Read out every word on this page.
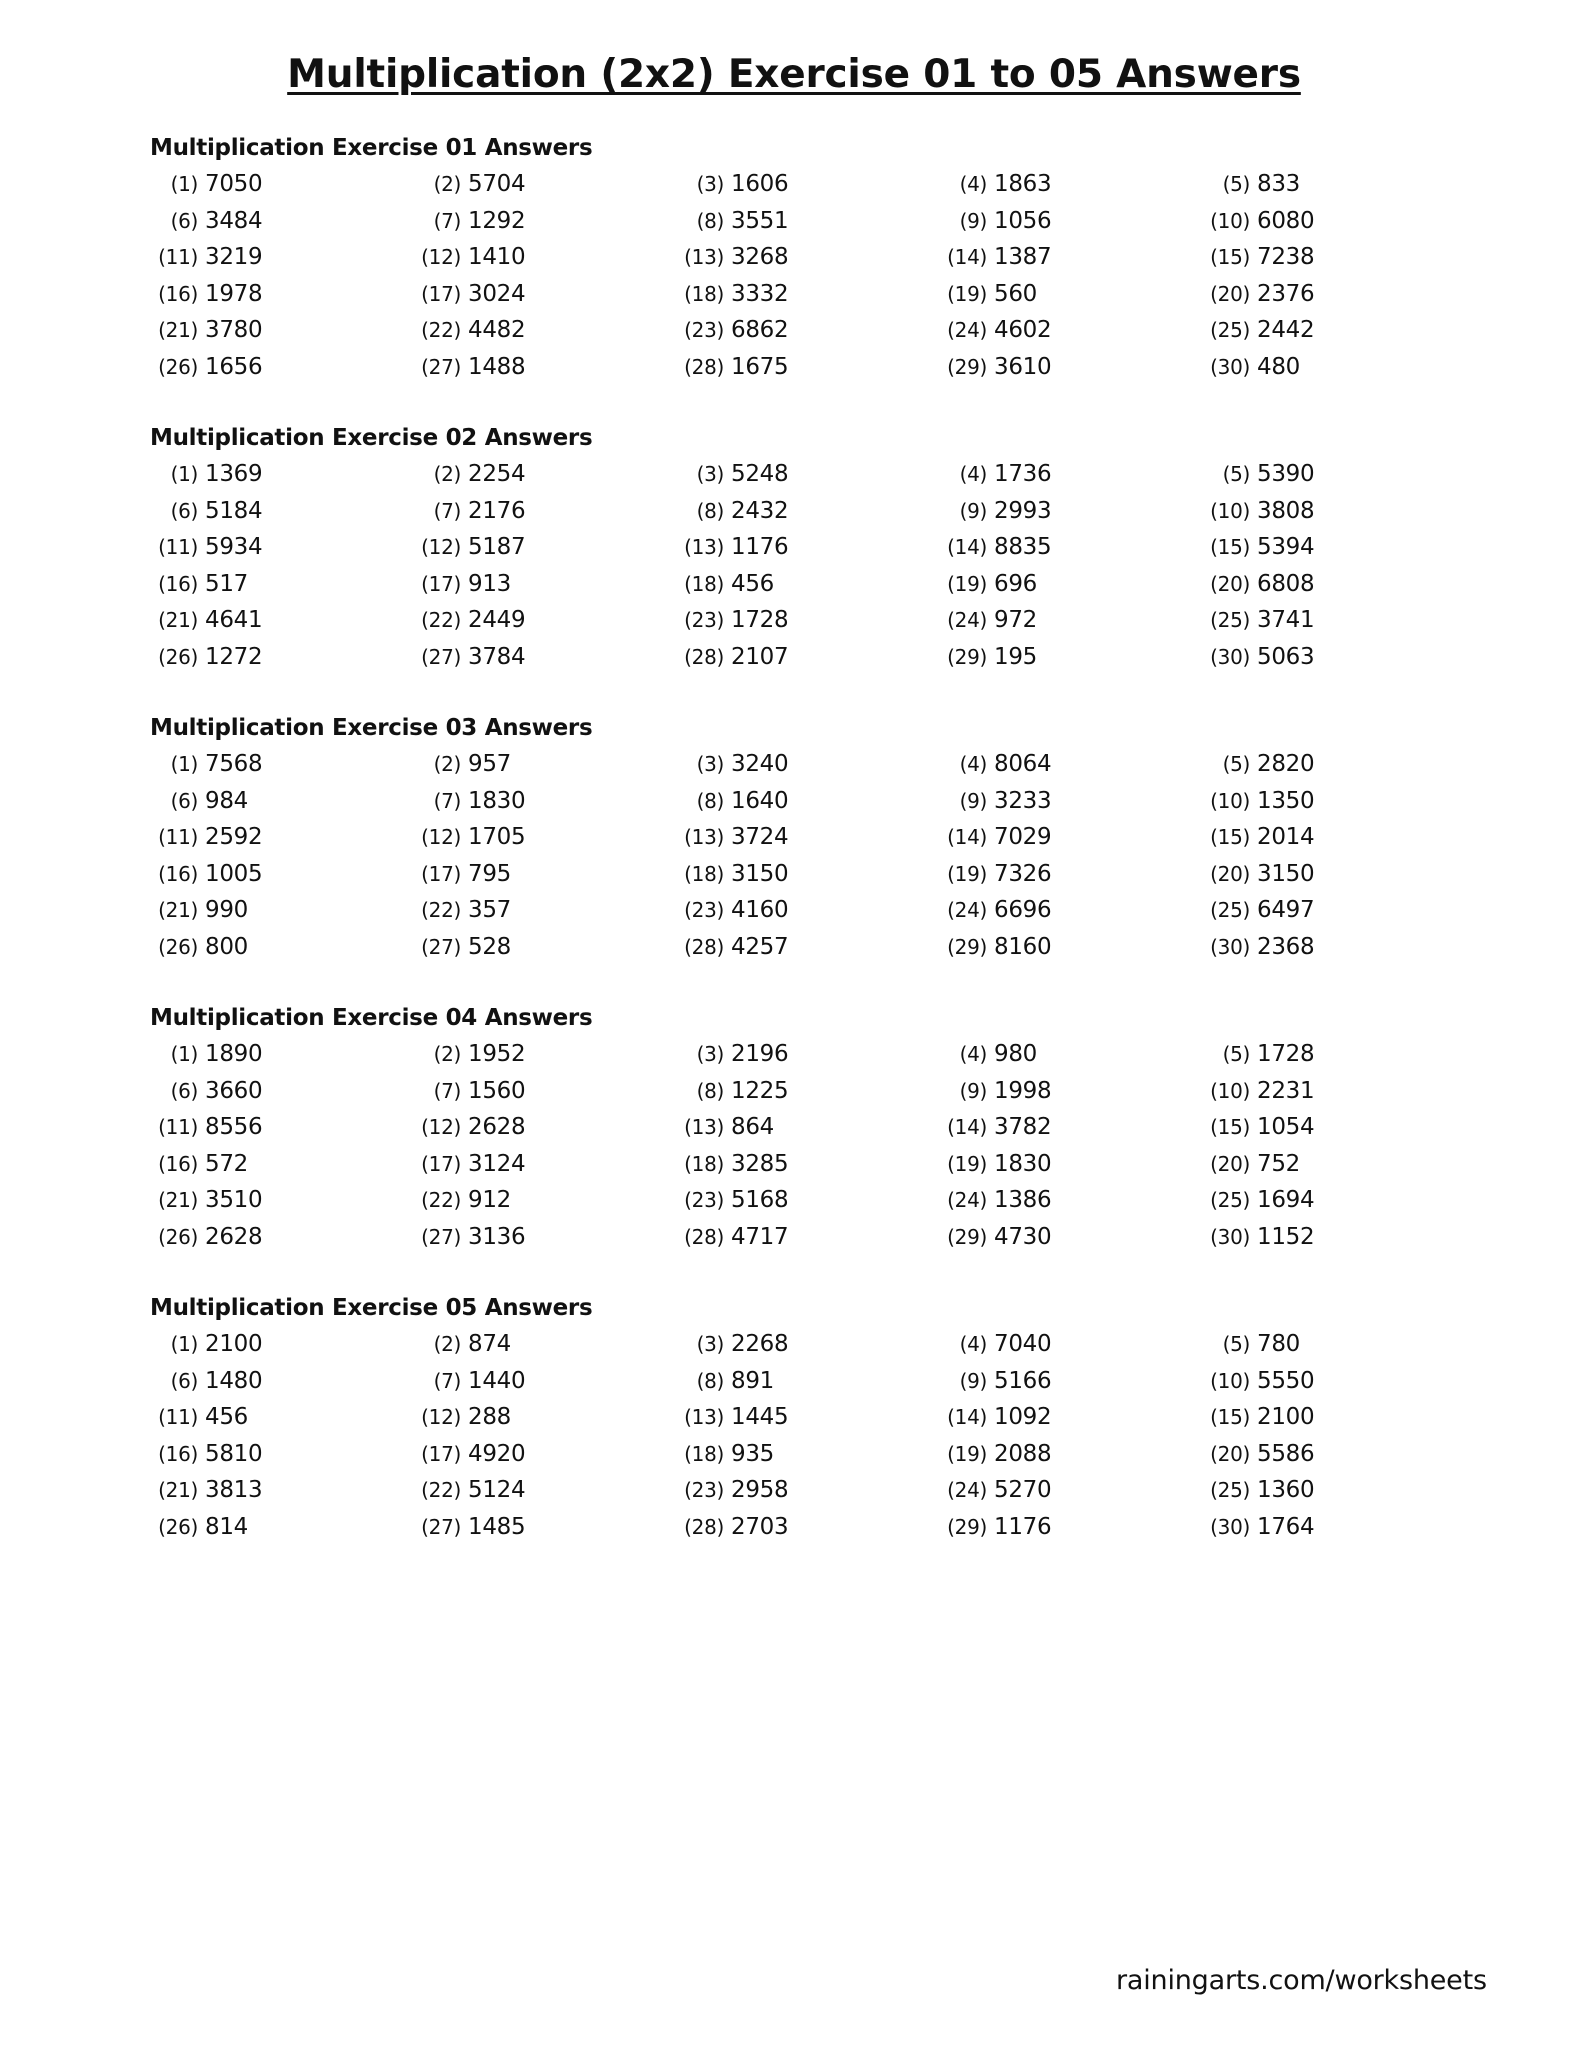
Multiplication (2x2) Exercise 01 to 05 Answers
Multiplication Exercise 01 Answers
(1) 7050	(2) 5704	(3) 1606	(4) 1863	(5) 833
(6) 3484	(7) 1292	(8) 3551	(9) 1056	(10) 6080
(11) 3219	(12) 1410	(13) 3268	(14) 1387	(15) 7238
(16) 1978	(17) 3024	(18) 3332	(19) 560	(20) 2376
(21) 3780	(22) 4482	(23) 6862	(24) 4602	(25) 2442
(26) 1656	(27) 1488	(28) 1675	(29) 3610	(30) 480
Multiplication Exercise 02 Answers
(1) 1369	(2) 2254	(3) 5248	(4) 1736	(5) 5390
(6) 5184	(7) 2176	(8) 2432	(9) 2993	(10) 3808
(11) 5934	(12) 5187	(13) 1176	(14) 8835	(15) 5394
(16) 517	(17) 913	(18) 456	(19) 696	(20) 6808
(21) 4641	(22) 2449	(23) 1728	(24) 972	(25) 3741
(26) 1272	(27) 3784	(28) 2107	(29) 195	(30) 5063
Multiplication Exercise 03 Answers
(1) 7568	(2) 957	(3) 3240	(4) 8064	(5) 2820
(6) 984	(7) 1830	(8) 1640	(9) 3233	(10) 1350
(11) 2592	(12) 1705	(13) 3724	(14) 7029	(15) 2014
(16) 1005	(17) 795	(18) 3150	(19) 7326	(20) 3150
(21) 990	(22) 357	(23) 4160	(24) 6696	(25) 6497
(26) 800	(27) 528	(28) 4257	(29) 8160	(30) 2368
Multiplication Exercise 04 Answers
(1) 1890	(2) 1952	(3) 2196	(4) 980	(5) 1728
(6) 3660	(7) 1560	(8) 1225	(9) 1998	(10) 2231
(11) 8556	(12) 2628	(13) 864	(14) 3782	(15) 1054
(16) 572	(17) 3124	(18) 3285	(19) 1830	(20) 752
(21) 3510	(22) 912	(23) 5168	(24) 1386	(25) 1694
(26) 2628	(27) 3136	(28) 4717	(29) 4730	(30) 1152
Multiplication Exercise 05 Answers
(1) 2100	(2) 874	(3) 2268	(4) 7040	(5) 780
(6) 1480	(7) 1440	(8) 891	(9) 5166	(10) 5550
(11) 456	(12) 288	(13) 1445	(14) 1092	(15) 2100
(16) 5810	(17) 4920	(18) 935	(19) 2088	(20) 5586
(21) 3813	(22) 5124	(23) 2958	(24) 5270	(25) 1360
(26) 814	(27) 1485	(28) 2703	(29) 1176	(30) 1764
rainingarts.com/worksheets
